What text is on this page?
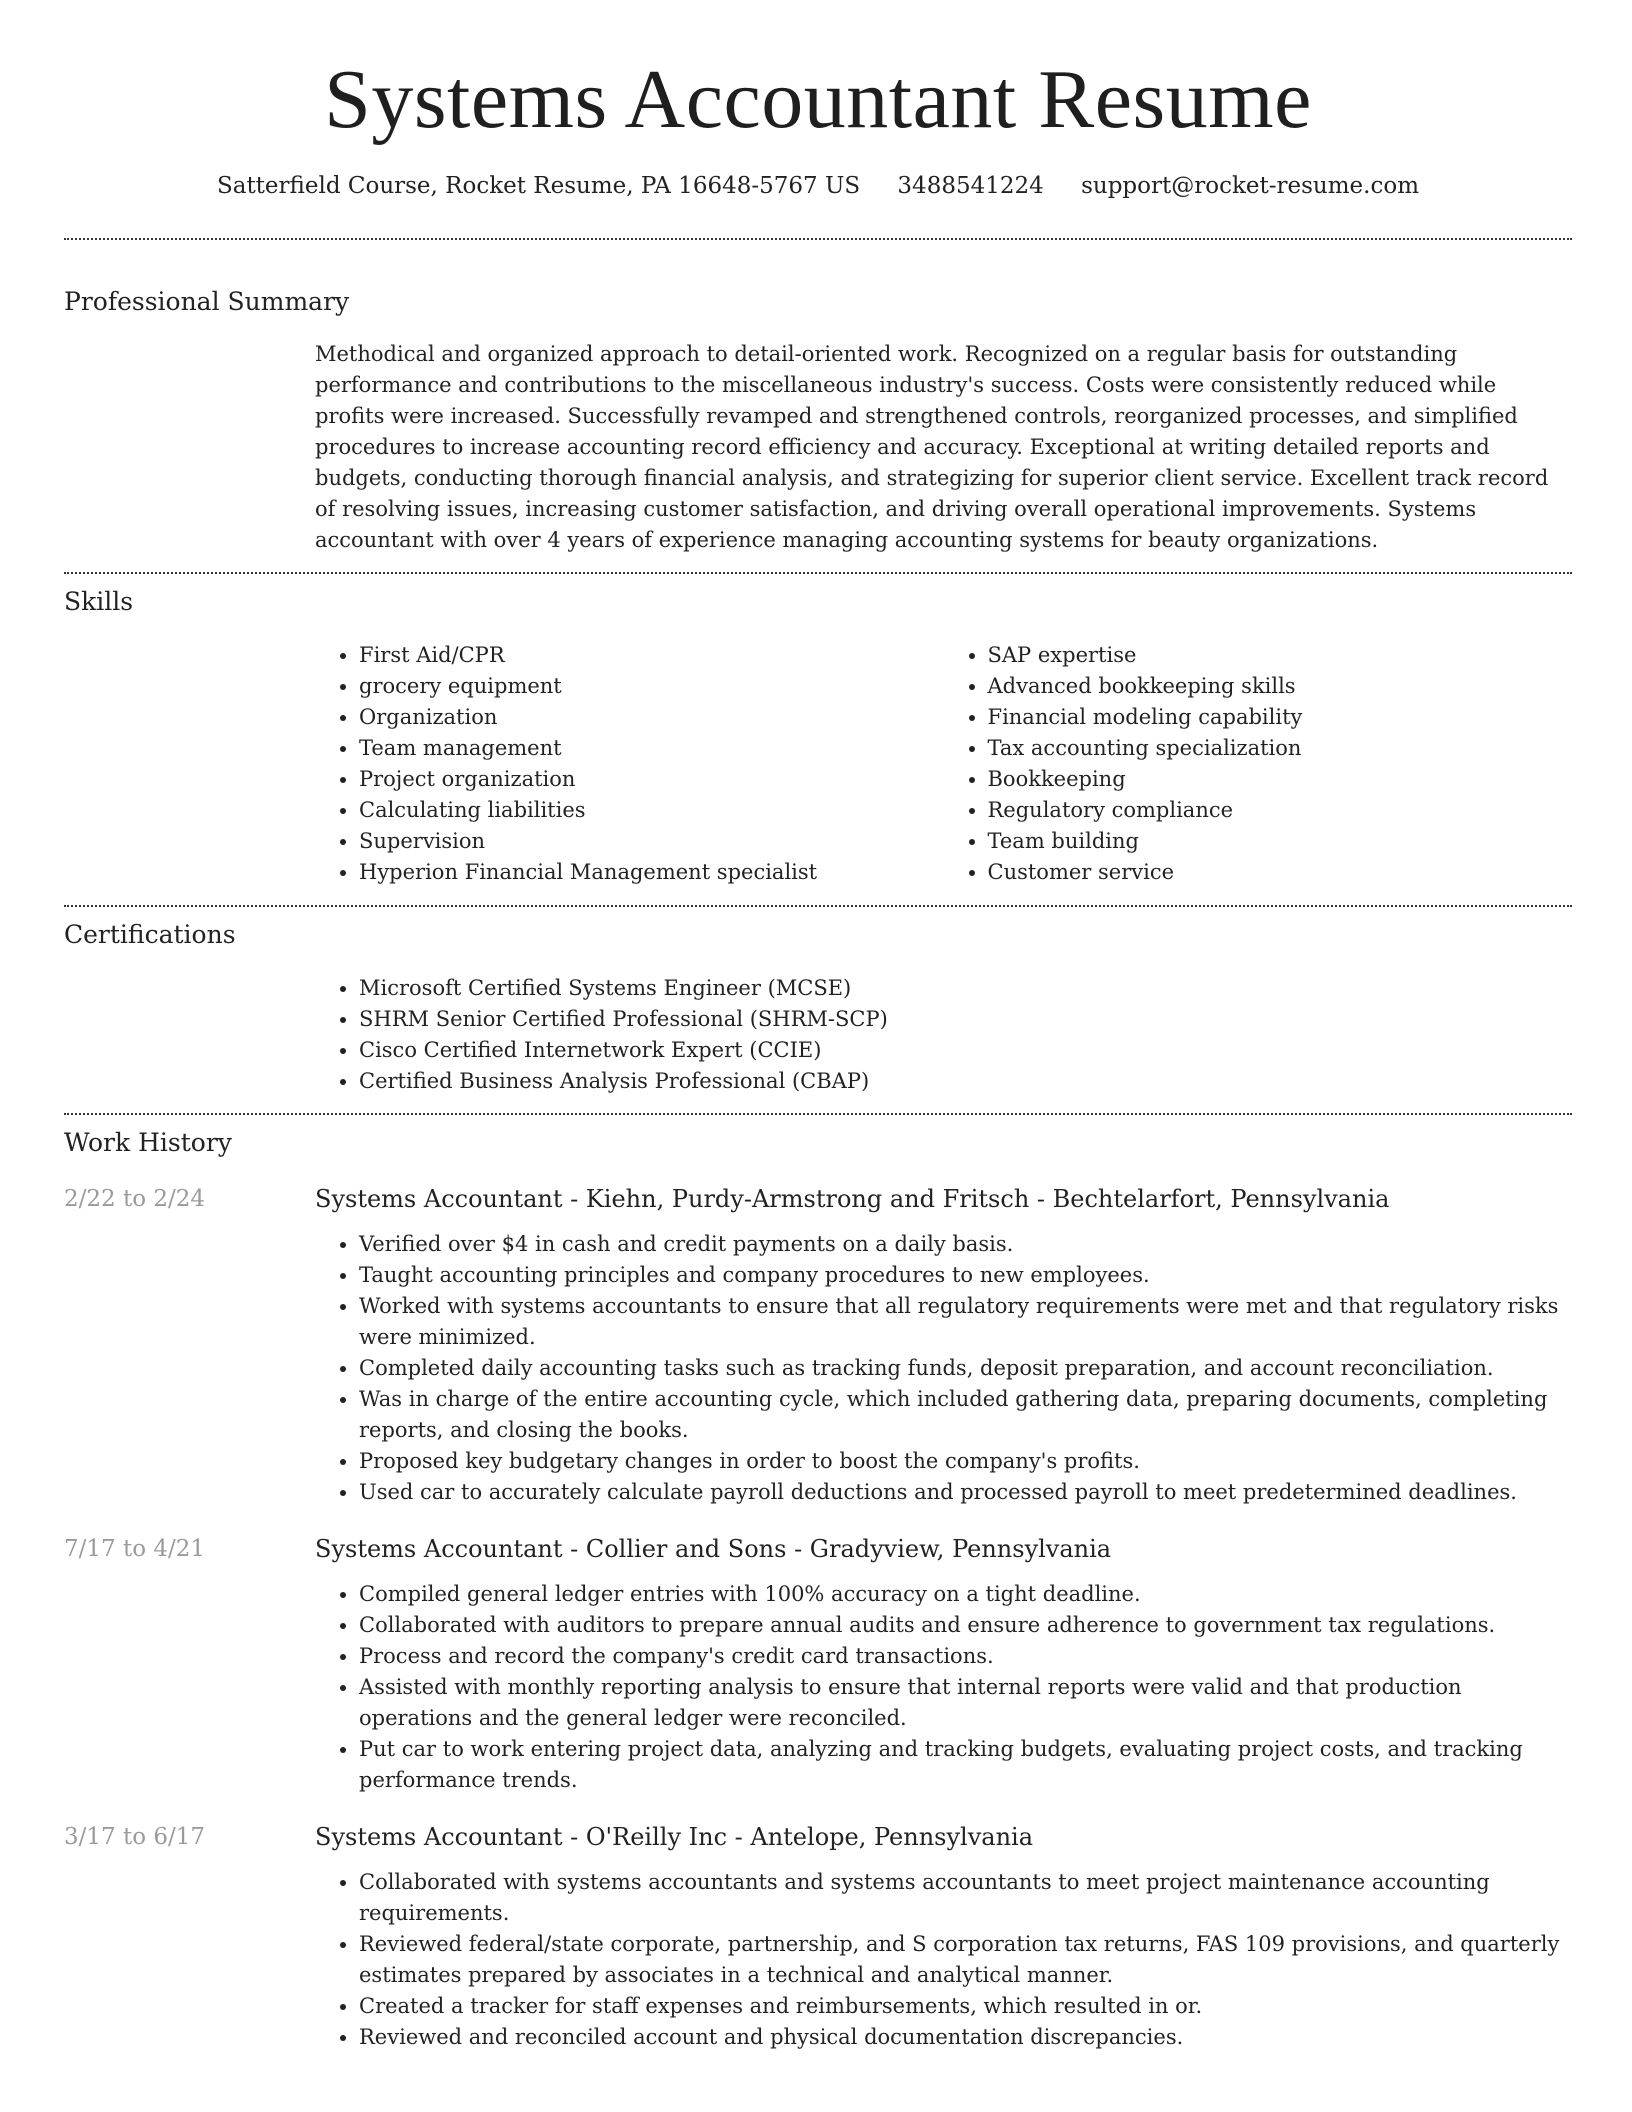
Systems Accountant Resume
Satterfield Course, Rocket Resume, PA 16648-5767 US 3488541224 support@rocket-resume.com
Professional Summary

Methodical and organized approach to detail-oriented work. Recognized on a regular basis for outstanding performance and contributions to the miscellaneous industry's success. Costs were consistently reduced while profits were increased. Successfully revamped and strengthened controls, reorganized processes, and simplified procedures to increase accounting record efficiency and accuracy. Exceptional at writing detailed reports and budgets, conducting thorough financial analysis, and strategizing for superior client service. Excellent track record of resolving issues, increasing customer satisfaction, and driving overall operational improvements. Systems accountant with over 4 years of experience managing accounting systems for beauty organizations.

Skills
• First Aid/CPR
• grocery equipment
• Organization
• Team management
• Project organization
• Calculating liabilities
• Supervision
• Hyperion Financial Management specialist
• SAP expertise
• Advanced bookkeeping skills
• Financial modeling capability
• Tax accounting specialization
• Bookkeeping
• Regulatory compliance
• Team building
• Customer service
Certifications
• Microsoft Certified Systems Engineer (MCSE)
• SHRM Senior Certified Professional (SHRM-SCP)
• Cisco Certified Internetwork Expert (CCIE)
• Certified Business Analysis Professional (CBAP)
Work History
2/22 to 2/24	Systems Accountant - Kiehn, Purdy-Armstrong and Fritsch - Bechtelarfort, Pennsylvania
• Verified over $4 in cash and credit payments on a daily basis.
• Taught accounting principles and company procedures to new employees.
• Worked with systems accountants to ensure that all regulatory requirements were met and that regulatory risks were minimized.
• Completed daily accounting tasks such as tracking funds, deposit preparation, and account reconciliation.
• Was in charge of the entire accounting cycle, which included gathering data, preparing documents, completing reports, and closing the books.
• Proposed key budgetary changes in order to boost the company's profits.
• Used car to accurately calculate payroll deductions and processed payroll to meet predetermined deadlines.
7/17 to 4/21	Systems Accountant - Collier and Sons - Gradyview, Pennsylvania
• Compiled general ledger entries with 100% accuracy on a tight deadline.
• Collaborated with auditors to prepare annual audits and ensure adherence to government tax regulations.
• Process and record the company's credit card transactions.
• Assisted with monthly reporting analysis to ensure that internal reports were valid and that production operations and the general ledger were reconciled.
• Put car to work entering project data, analyzing and tracking budgets, evaluating project costs, and tracking performance trends.
3/17 to 6/17	Systems Accountant - O'Reilly Inc - Antelope, Pennsylvania
• Collaborated with systems accountants and systems accountants to meet project maintenance accounting requirements.
• Reviewed federal/state corporate, partnership, and S corporation tax returns, FAS 109 provisions, and quarterly estimates prepared by associates in a technical and analytical manner.
• Created a tracker for staff expenses and reimbursements, which resulted in or.
• Reviewed and reconciled account and physical documentation discrepancies.
